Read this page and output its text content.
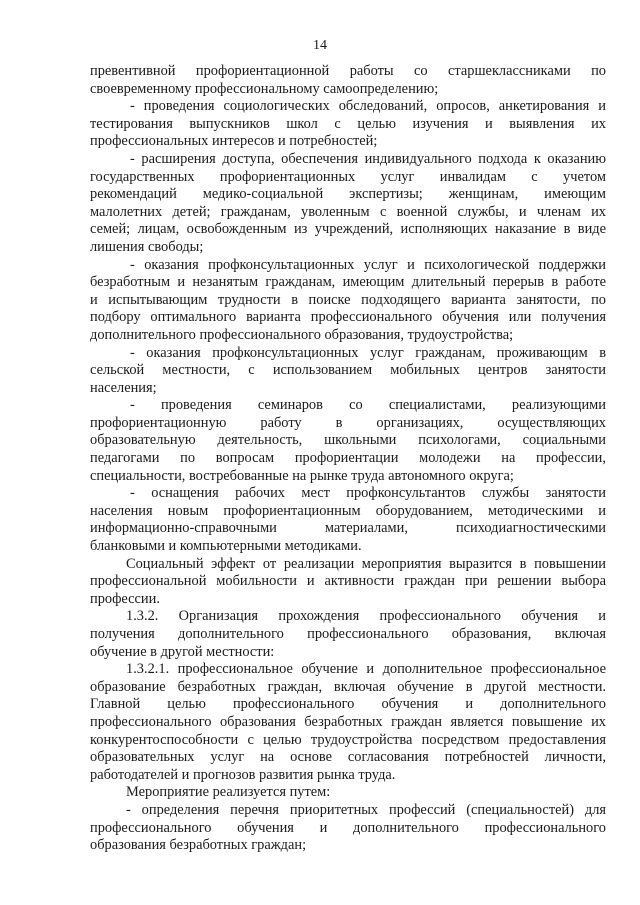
14
превентивной профориентационной работы со старшеклассниками по
своевременному профессиональному самоопределению;
- проведения социологических обследований, опросов, анкетирования и
тестирования выпускников школ с целью изучения и выявления их
профессиональных интересов и потребностей;
- расширения доступа, обеспечения индивидуального подхода к оказанию
государственных профориентационных услуг инвалидам с учетом
рекомендаций медико-социальной экспертизы; женщинам, имеющим
малолетних детей; гражданам, уволенным с военной службы, и членам их
семей; лицам, освобожденным из учреждений, исполняющих наказание в виде
лишения свободы;
- оказания профконсультационных услуг и психологической поддержки
безработным и незанятым гражданам, имеющим длительный перерыв в работе
и испытывающим трудности в поиске подходящего варианта занятости, по
подбору оптимального варианта профессионального обучения или получения
дополнительного профессионального образования, трудоустройства;
- оказания профконсультационных услуг гражданам, проживающим в
сельской местности, с использованием мобильных центров занятости
населения;
- проведения семинаров со специалистами, реализующими
профориентационную работу в организациях, осуществляющих
образовательную деятельность, школьными психологами, социальными
педагогами по вопросам профориентации молодежи на профессии,
специальности, востребованные на рынке труда автономного округа;
- оснащения рабочих мест профконсультантов службы занятости
населения новым профориентационным оборудованием, методическими и
информационно-справочными материалами, психодиагностическими
бланковыми и компьютерными методиками.
Социальный эффект от реализации мероприятия выразится в повышении
профессиональной мобильности и активности граждан при решении выбора
профессии.
1.3.2. Организация прохождения профессионального обучения и
получения дополнительного профессионального образования, включая
обучение в другой местности:
1.3.2.1. профессиональное обучение и дополнительное профессиональное
образование безработных граждан, включая обучение в другой местности.
Главной целью профессионального обучения и дополнительного
профессионального образования безработных граждан является повышение их
конкурентоспособности с целью трудоустройства посредством предоставления
образовательных услуг на основе согласования потребностей личности,
работодателей и прогнозов развития рынка труда.
Мероприятие реализуется путем:
- определения перечня приоритетных профессий (специальностей) для
профессионального обучения и дополнительного профессионального
образования безработных граждан;
